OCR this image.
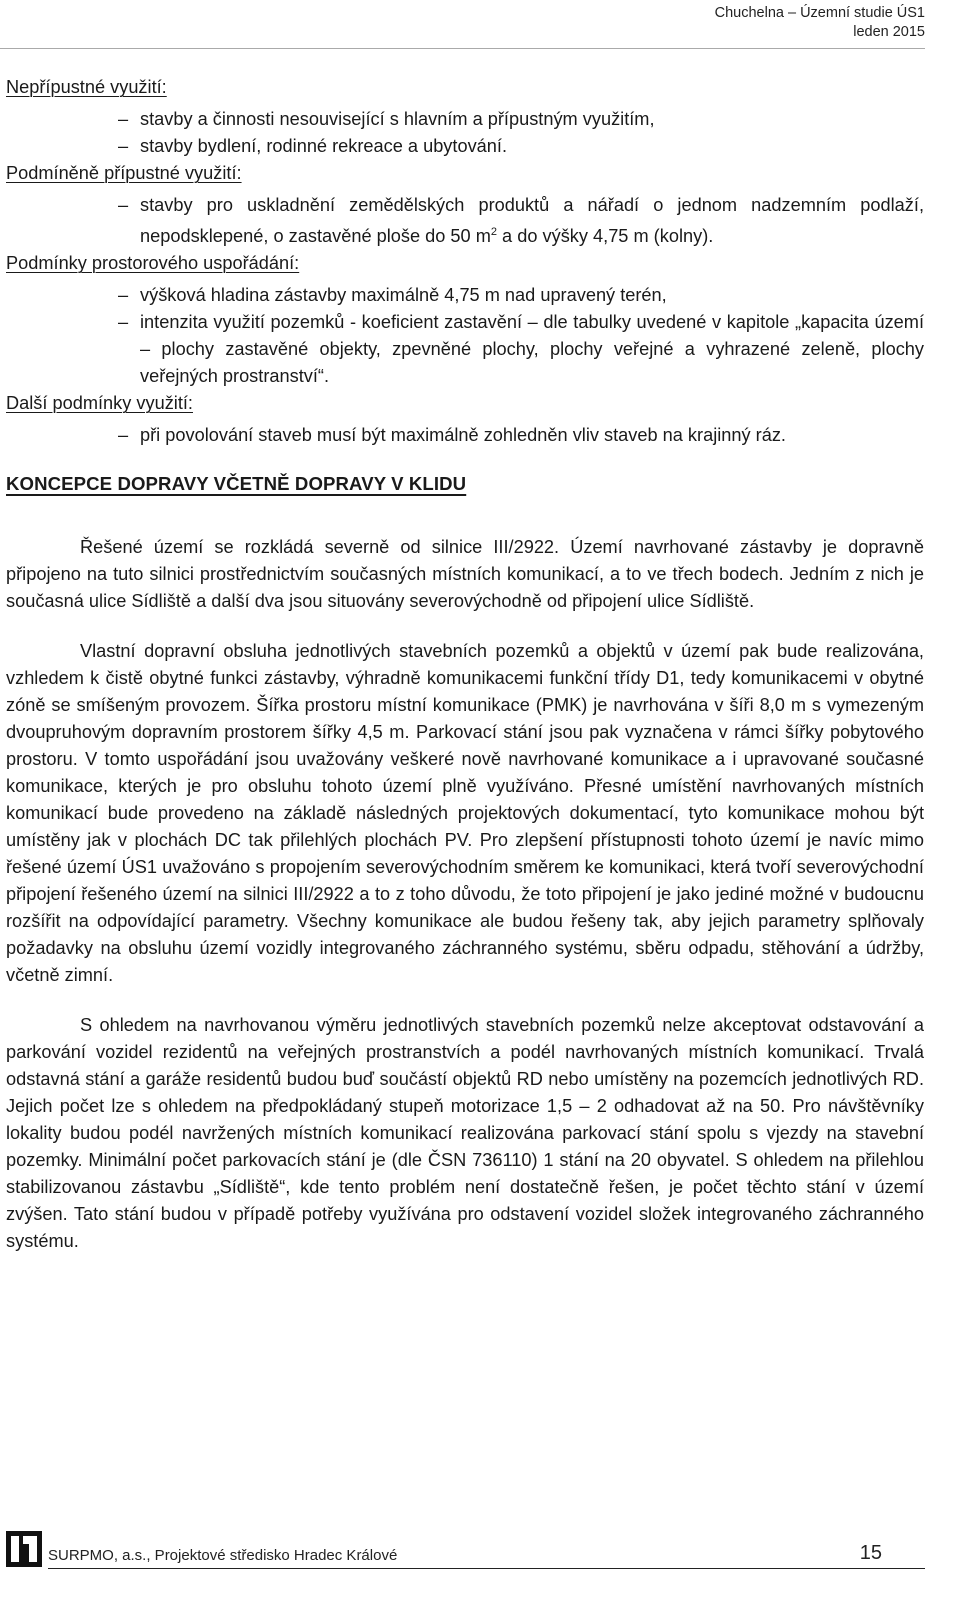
Chuchelna – Územní studie ÚS1
leden 2015
Nepřípustné využití:
– stavby a činnosti nesouvisející s hlavním a přípustným využitím,
– stavby bydlení, rodinné rekreace a ubytování.
Podmíněně přípustné využití:
– stavby pro uskladnění zemědělských produktů a nářadí o jednom nadzemním podlaží, nepodsklepené, o zastavěné ploše do 50 $m^2$ a do výšky 4,75 m (kolny).
Podmínky prostorového uspořádání:
– výšková hladina zástavby maximálně 4,75 m nad upravený terén,
– intenzita využití pozemků - koeficient zastavění – dle tabulky uvedené v kapitole „kapacita území – plochy zastavěné objekty, zpevněné plochy, plochy veřejné a vyhrazené zeleně, plochy veřejných prostranství“.
Další podmínky využití:
– při povolování staveb musí být maximálně zohledněn vliv staveb na krajinný ráz.
KONCEPCE DOPRAVY VČETNĚ DOPRAVY V KLIDU

Řešené území se rozkládá severně od silnice III/2922. Území navrhované zástavby je dopravně připojeno na tuto silnici prostřednictvím současných místních komunikací, a to ve třech bodech. Jedním z nich je současná ulice Sídliště a další dva jsou situovány severovýchodně od připojení ulice Sídliště.

Vlastní dopravní obsluha jednotlivých stavebních pozemků a objektů v území pak bude realizována, vzhledem k čistě obytné funkci zástavby, výhradně komunikacemi funkční třídy D1, tedy komunikacemi v obytné zóně se smíšeným provozem. Šířka prostoru místní komunikace (PMK) je navrhována v šíři 8,0 m s vymezeným dvoupruhovým dopravním prostorem šířky 4,5 m. Parkovací stání jsou pak vyznačena v rámci šířky pobytového prostoru. V tomto uspořádání jsou uvažovány veškeré nově navrhované komunikace a i upravované současné komunikace, kterých je pro obsluhu tohoto území plně využíváno. Přesné umístění navrhovaných místních komunikací bude provedeno na základě následných projektových dokumentací, tyto komunikace mohou být umístěny jak v plochách DC tak přilehlých plochách PV. Pro zlepšení přístupnosti tohoto území je navíc mimo řešené území ÚS1 uvažováno s propojením severovýchodním směrem ke komunikaci, která tvoří severovýchodní připojení řešeného území na silnici III/2922 a to z toho důvodu, že toto připojení je jako jediné možné v budoucnu rozšířit na odpovídající parametry. Všechny komunikace ale budou řešeny tak, aby jejich parametry splňovaly požadavky na obsluhu území vozidly integrovaného záchranného systému, sběru odpadu, stěhování a údržby, včetně zimní.

S ohledem na navrhovanou výměru jednotlivých stavebních pozemků nelze akceptovat odstavování a parkování vozidel rezidentů na veřejných prostranstvích a podél navrhovaných místních komunikací. Trvalá odstavná stání a garáže residentů budou buď součástí objektů RD nebo umístěny na pozemcích jednotlivých RD. Jejich počet lze s ohledem na předpokládaný stupeň motorizace 1,5 – 2 odhadovat až na 50. Pro návštěvníky lokality budou podél navržených místních komunikací realizována parkovací stání spolu s vjezdy na stavební pozemky. Minimální počet parkovacích stání je (dle ČSN 736110) 1 stání na 20 obyvatel. S ohledem na přilehlou stabilizovanou zástavbu „Sídliště“, kde tento problém není dostatečně řešen, je počet těchto stání v území zvýšen. Tato stání budou v případě potřeby využívána pro odstavení vozidel složek integrovaného záchranného systému.

SURPMO, a.s., Projektové středisko Hradec Králové	15
